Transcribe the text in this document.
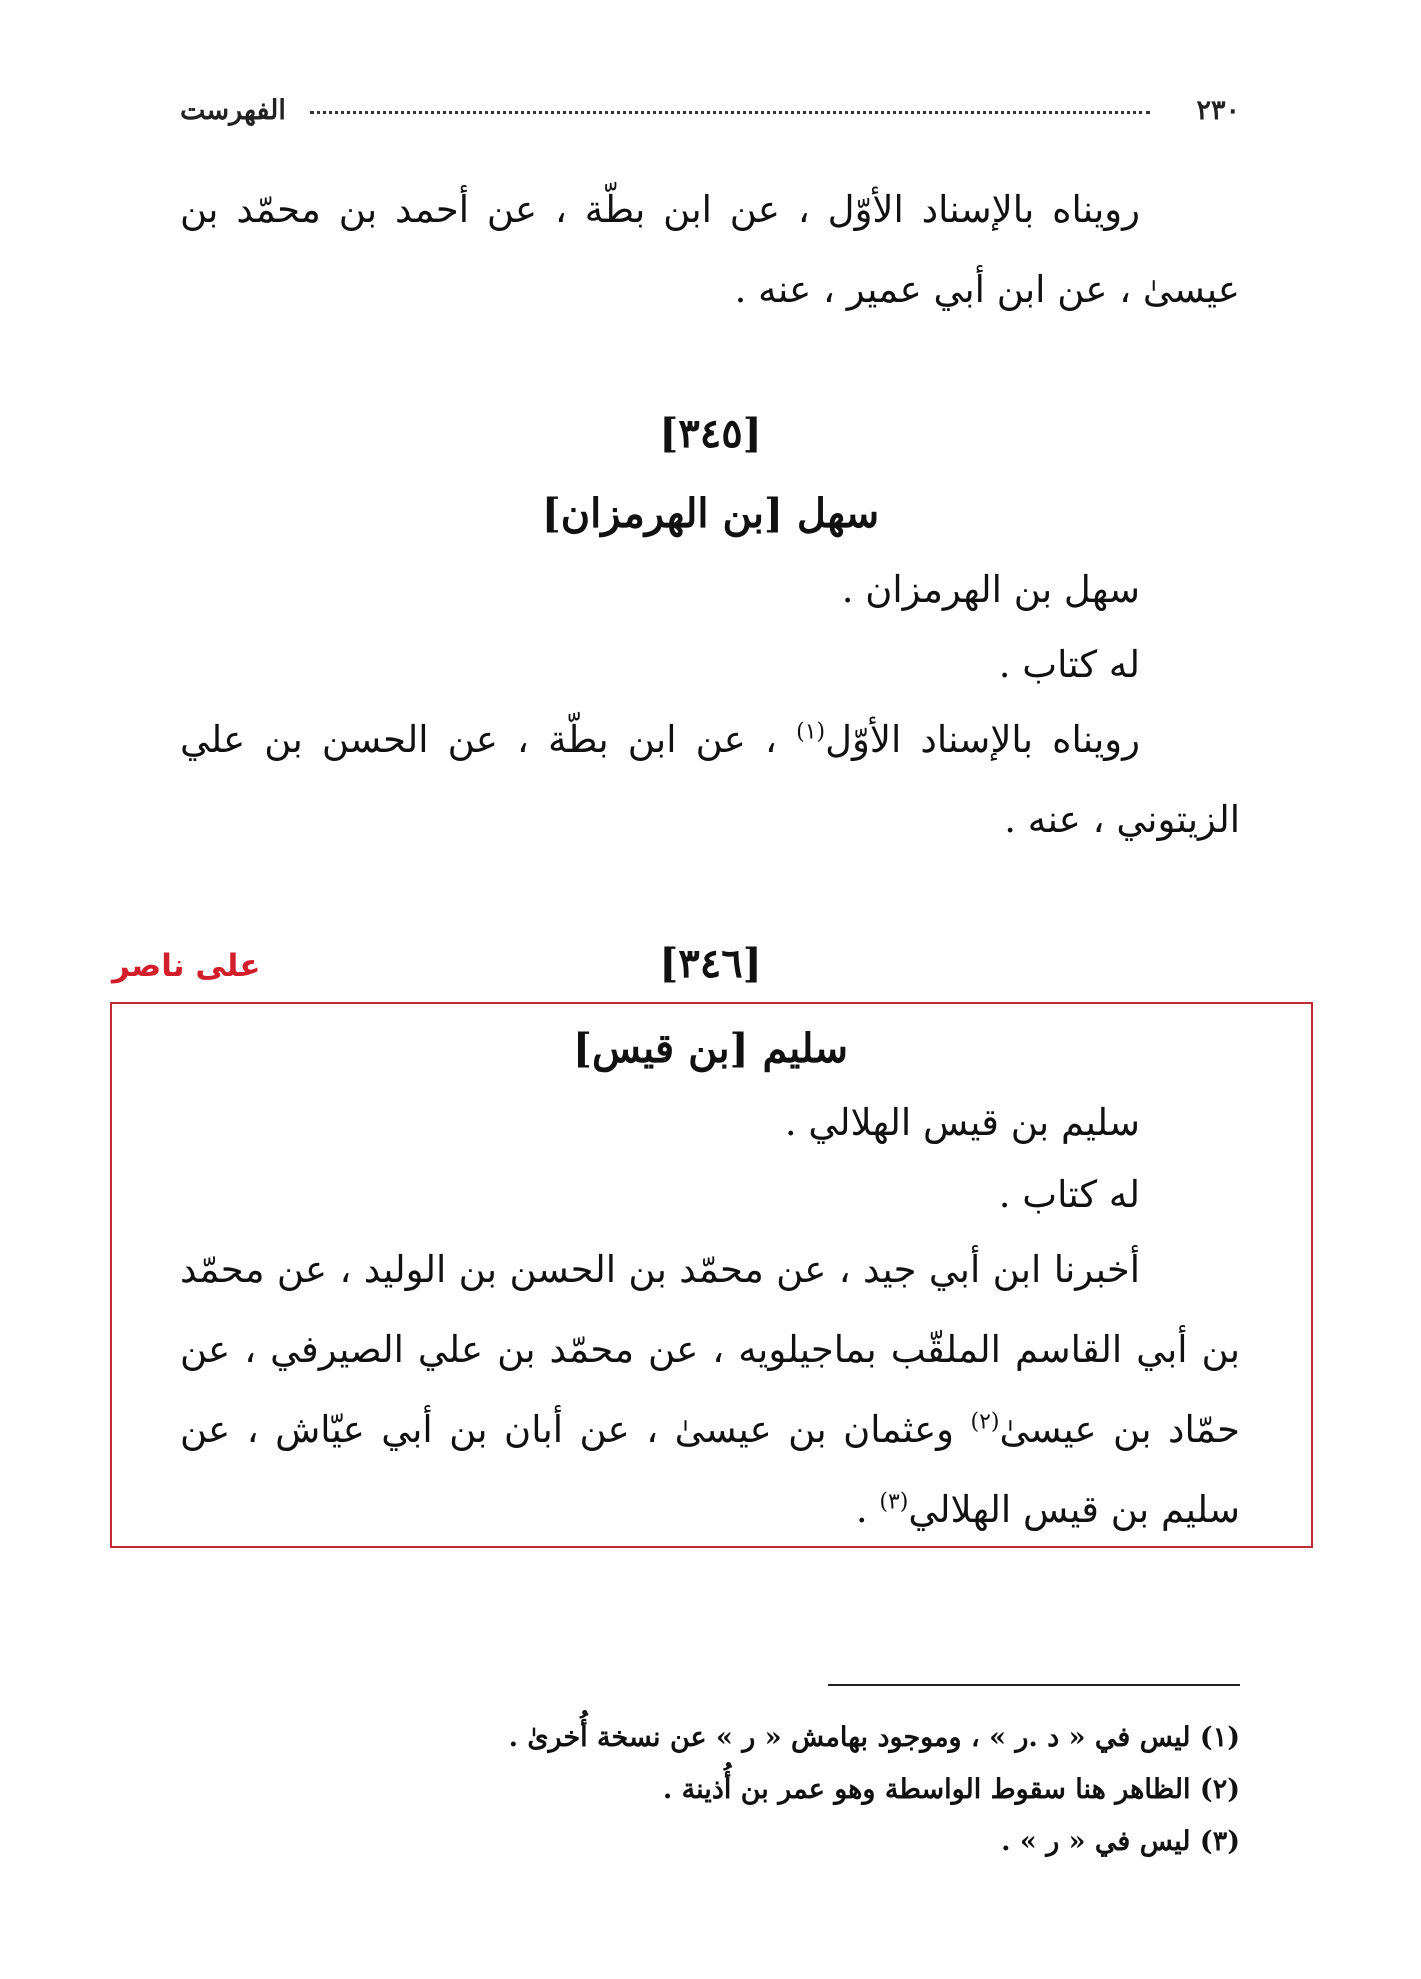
الفهرست	٢٣٠

رويناه بالإسناد الأوّل ، عن ابن بطّة ، عن أحمد بن محمّد بن عيسىٰ ، عن ابن أبي عمير ، عنه .

[٣٤٥]
سهل [بن الهرمزان]
سهل بن الهرمزان .
له كتاب .

رويناه بالإسناد الأوّل$^{(١)}$ ، عن ابن بطّة ، عن الحسن بن علي الزيتوني ، عنه .

[٣٤٦]
على ناصر
سليم [بن قيس]
سليم بن قيس الهلالي .
له كتاب .

أخبرنا ابن أبي جيد ، عن محمّد بن الحسن بن الوليد ، عن محمّد بن أبي القاسم الملقّب بماجيلويه ، عن محمّد بن علي الصيرفي ، عن حمّاد بن عيسىٰ$^{(٢)}$ وعثمان بن عيسىٰ ، عن أبان بن أبي عيّاش ، عن سليم بن قيس الهلالي$^{(٣)}$ .

(١) ليس في « د .ر » ، وموجود بهامش « ر » عن نسخة أُخرىٰ .
(٢) الظاهر هنا سقوط الواسطة وهو عمر بن أُذينة .
(٣) ليس في « ر » .
